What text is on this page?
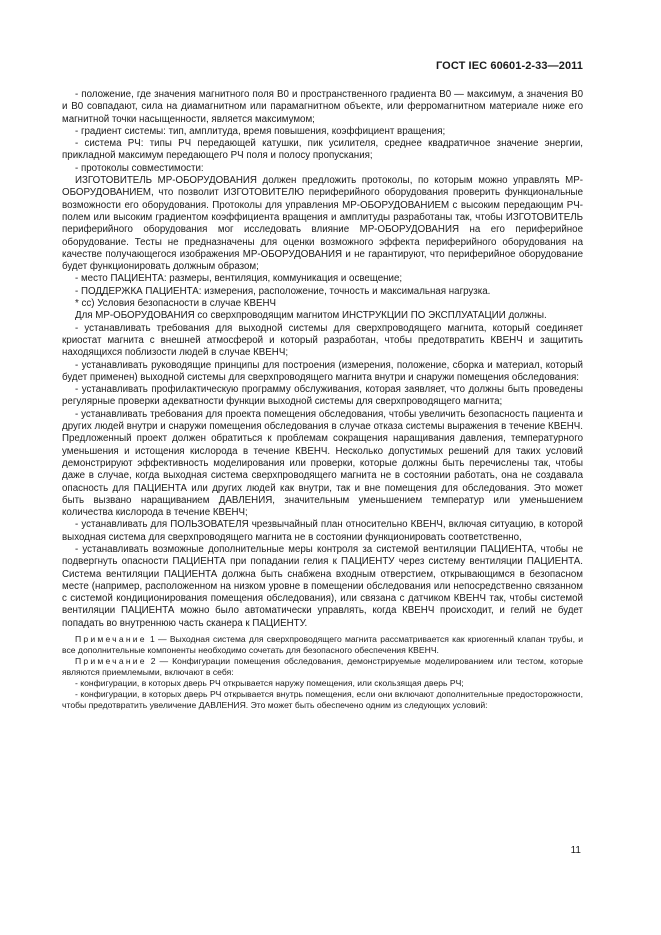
ГОСТ IEC 60601-2-33—2011

- положение, где значения магнитного поля B0 и пространственного градиента B0 — максимум, а значения B0 и B0 совпадают, сила на диамагнитном или парамагнитном объекте, или ферромагнитном материале ниже его магнитной точки насыщенности, является максимумом;

- градиент системы: тип, амплитуда, время повышения, коэффициент вращения;

- система РЧ: типы РЧ передающей катушки, пик усилителя, среднее квадратичное значение энергии, прикладной максимум передающего РЧ поля и полосу пропускания;

- протоколы совместимости:

ИЗГОТОВИТЕЛЬ МР-ОБОРУДОВАНИЯ должен предложить протоколы, по которым можно управлять МР-ОБОРУДОВАНИЕМ, что позволит ИЗГОТОВИТЕЛЮ периферийного оборудования проверить функциональные возможности его оборудования. Протоколы для управления МР-ОБОРУДОВАНИЕМ с высоким передающим РЧ-полем или высоким градиентом коэффициента вращения и амплитуды разработаны так, чтобы ИЗГОТОВИТЕЛЬ периферийного оборудования мог исследовать влияние МР-ОБОРУДОВАНИЯ на его периферийное оборудование. Тесты не предназначены для оценки возможного эффекта периферийного оборудования на качестве получающегося изображения МР-ОБОРУДОВАНИЯ и не гарантируют, что периферийное оборудование будет функционировать должным образом;

- место ПАЦИЕНТА: размеры, вентиляция, коммуникация и освещение;

- ПОДДЕРЖКА ПАЦИЕНТА: измерения, расположение, точность и максимальная нагрузка.

* cc) Условия безопасности в случае КВЕНЧ

Для МР-ОБОРУДОВАНИЯ со сверхпроводящим магнитом ИНСТРУКЦИИ ПО ЭКСПЛУАТАЦИИ должны.

- устанавливать требования для выходной системы для сверхпроводящего магнита, который соединяет криостат магнита с внешней атмосферой и который разработан, чтобы предотвратить КВЕНЧ и защитить находящихся поблизости людей в случае КВЕНЧ;

- устанавливать руководящие принципы для построения (измерения, положение, сборка и материал, который будет применен) выходной системы для сверхпроводящего магнита внутри и снаружи помещения обследования:

- устанавливать профилактическую программу обслуживания, которая заявляет, что должны быть проведены регулярные проверки адекватности функции выходной системы для сверхпроводящего магнита;

- устанавливать требования для проекта помещения обследования, чтобы увеличить безопасность пациента и других людей внутри и снаружи помещения обследования в случае отказа системы выражения в течение КВЕНЧ. Предложенный проект должен обратиться к проблемам сокращения наращивания давления, температурного уменьшения и истощения кислорода в течение КВЕНЧ. Несколько допустимых решений для таких условий демонстрируют эффективность моделирования или проверки, которые должны быть перечислены так, чтобы даже в случае, когда выходная система сверхпроводящего магнита не в состоянии работать, она не создавала опасность для ПАЦИЕНТА или других людей как внутри, так и вне помещения для обследования. Это может быть вызвано наращиванием ДАВЛЕНИЯ, значительным уменьшением температур или уменьшением количества кислорода в течение КВЕНЧ;

- устанавливать для ПОЛЬЗОВАТЕЛЯ чрезвычайный план относительно КВЕНЧ, включая ситуацию, в которой выходная система для сверхпроводящего магнита не в состоянии функционировать соответственно,

- устанавливать возможные дополнительные меры контроля за системой вентиляции ПАЦИЕНТА, чтобы не подвергнуть опасности ПАЦИЕНТА при попадании гелия к ПАЦИЕНТУ через систему вентиляции ПАЦИЕНТА. Система вентиляции ПАЦИЕНТА должна быть снабжена входным отверстием, открывающимся в безопасном месте (например, расположенном на низком уровне в помещении обследования или непосредственно связанном с системой кондиционирования помещения обследования), или связана с датчиком КВЕНЧ так, чтобы системой вентиляции ПАЦИЕНТА можно было автоматически управлять, когда КВЕНЧ происходит, и гелий не будет попадать во внутреннюю часть сканера к ПАЦИЕНТУ.

Примечание 1 — Выходная система для сверхпроводящего магнита рассматривается как криогенный клапан трубы, и все дополнительные компоненты необходимо сочетать для безопасного обеспечения КВЕНЧ.

Примечание 2 — Конфигурации помещения обследования, демонстрируемые моделированием или тестом, которые являются приемлемыми, включают в себя:

- конфигурации, в которых дверь РЧ открывается наружу помещения, или скользящая дверь РЧ;

- конфигурации, в которых дверь РЧ открывается внутрь помещения, если они включают дополнительные предосторожности, чтобы предотвратить увеличение ДАВЛЕНИЯ. Это может быть обеспечено одним из следующих условий:

11
